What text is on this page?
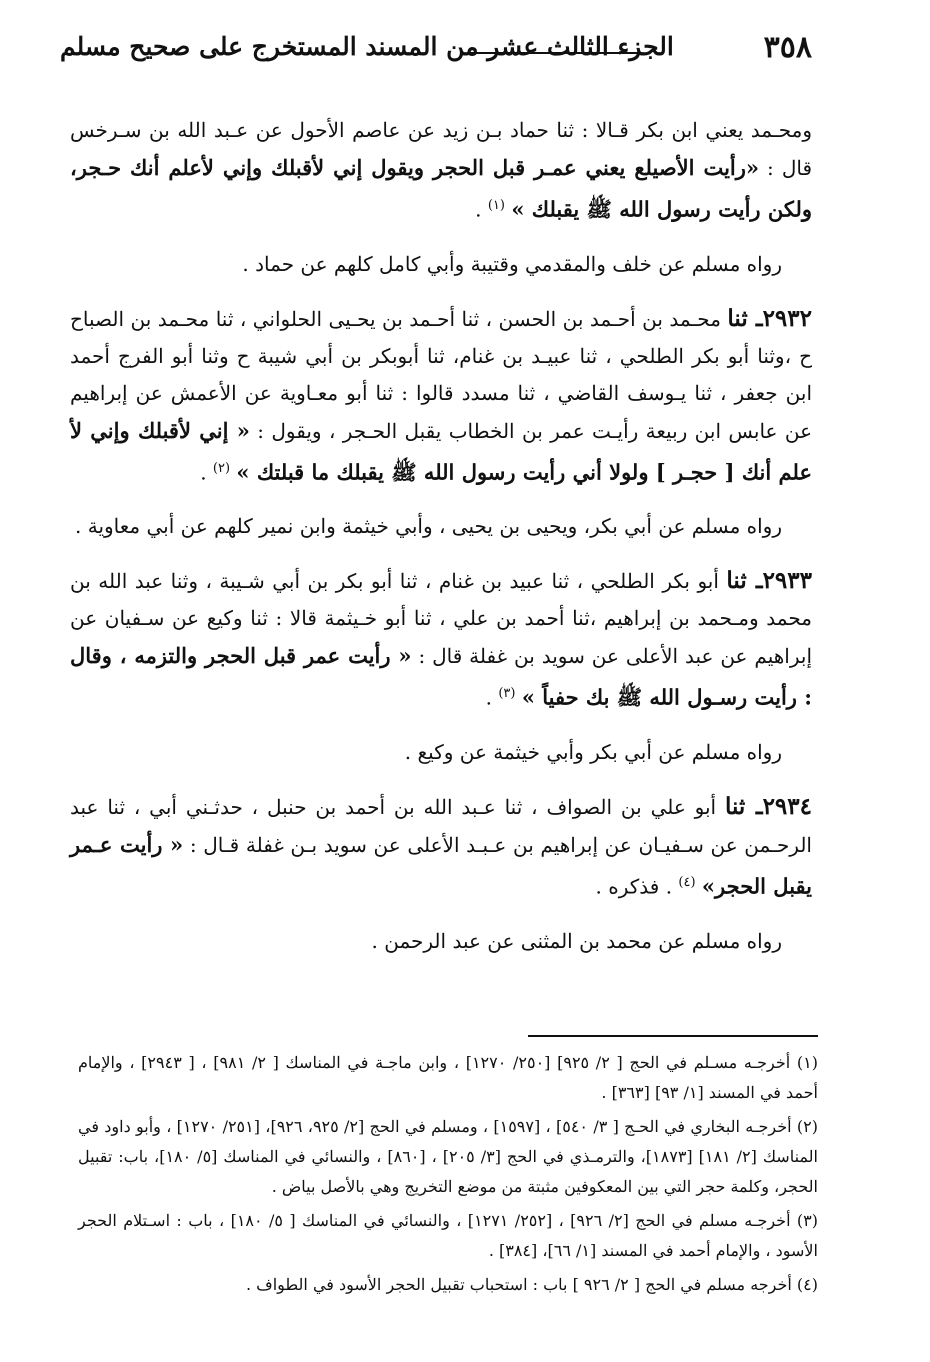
٣٥٨
الجزء الثالث عشر من المسند المستخرج على صحيح مسلم

ومحـمد يعني ابن بكر قـالا : ثنا حماد بـن زيد عن عاصم الأحول عن عـبد الله بن سـرخس قال : «رأيت الأصيلع يعني عمـر قبل الحجر ويقول إني لأقبلك وإني لأعلم أنك حـجر، ولكن رأيت رسول الله ﷺ يقبلك » $^{(١)}$ .

رواه مسلم عن خلف والمقدمي وقتيبة وأبي كامل كلهم عن حماد .

٢٩٣٢ـ ثنا محـمد بن أحـمد بن الحسن ، ثنا أحـمد بن يحـيى الحلواني ، ثنا محـمد بن الصباح ح ،وثنا أبو بكر الطلحي ، ثنا عبيـد بن غنام، ثنا أبوبكر بن أبي شيبة ح وثنا أبو الفرج أحمد ابن جعفر ، ثنا يـوسف القاضي ، ثنا مسدد قالوا : ثنا أبو معـاوية عن الأعمش عن إبراهيم عن عابس ابن ربيعة رأيـت عمر بن الخطاب يقبل الحـجر ، ويقول : « إني لأقبلك وإني لأ علم أنك [ حجـر ] ولولا أني رأيت رسول الله ﷺ يقبلك ما قبلتك » $^{(٢)}$ .

رواه مسلم عن أبي بكر، ويحيى بن يحيى ، وأبي خيثمة وابن نمير كلهم عن أبي معاوية .

٢٩٣٣ـ ثنا أبو بكر الطلحي ، ثنا عبيد بن غنام ، ثنا أبو بكر بن أبي شـيبة ، وثنا عبد الله بن محمد ومـحمد بن إبراهيم ،ثنا أحمد بن علي ، ثنا أبو خـيثمة قالا : ثنا وكيع عن سـفيان عن إبراهيم عن عبد الأعلى عن سويد بن غفلة قال : « رأيت عمر قبل الحجر والتزمه ، وقال : رأيت رسـول الله ﷺ بك حفياً » $^{(٣)}$ .

رواه مسلم عن أبي بكر وأبي خيثمة عن وكيع .

٢٩٣٤ـ ثنا أبو علي بن الصواف ، ثنا عـبد الله بن أحمد بن حنبل ، حدثـني أبي ، ثنا عبد الرحـمن عن سـفيـان عن إبراهيم بن عـبـد الأعلى عن سويد بـن غفلة قـال : « رأيت عـمر يقبل الحجر» $^{(٤)}$ . فذكره .

رواه مسلم عن محمد بن المثنى عن عبد الرحمن .

(١) أخرجـه مسـلم في الحج [ ٢/ ٩٢٥] [٢٥٠/ ١٢٧٠] ، وابن ماجـة في المناسك [ ٢/ ٩٨١] ، [ ٢٩٤٣] ، والإمام أحمد في المسند [١/ ٩٣] [٣٦٣] .

(٢) أخرجـه البخاري في الحـج [ ٣/ ٥٤٠] ، [١٥٩٧] ، ومسلم في الحج [٢/ ٩٢٥، ٩٢٦]، [٢٥١/ ١٢٧٠] ، وأبو داود في المناسك [٢/ ١٨١] [١٨٧٣]، والترمـذي في الحج [٣/ ٢٠٥] ، [٨٦٠] ، والنسائي في المناسك [٥/ ١٨٠]، باب: تقبيل الحجر، وكلمة حجر التي بين المعكوفين مثبتة من موضع التخريج وهي بالأصل بياض .

(٣) أخرجـه مسلم في الحج [٢/ ٩٢٦] ، [٢٥٢/ ١٢٧١] ، والنسائي في المناسك [ ٥/ ١٨٠] ، باب : اسـتلام الحجر الأسود ، والإمام أحمد في المسند [١/ ٦٦]، [٣٨٤] .

(٤) أخرجه مسلم في الحج [ ٢/ ٩٢٦ ] باب : استحباب تقبيل الحجر الأسود في الطواف .
